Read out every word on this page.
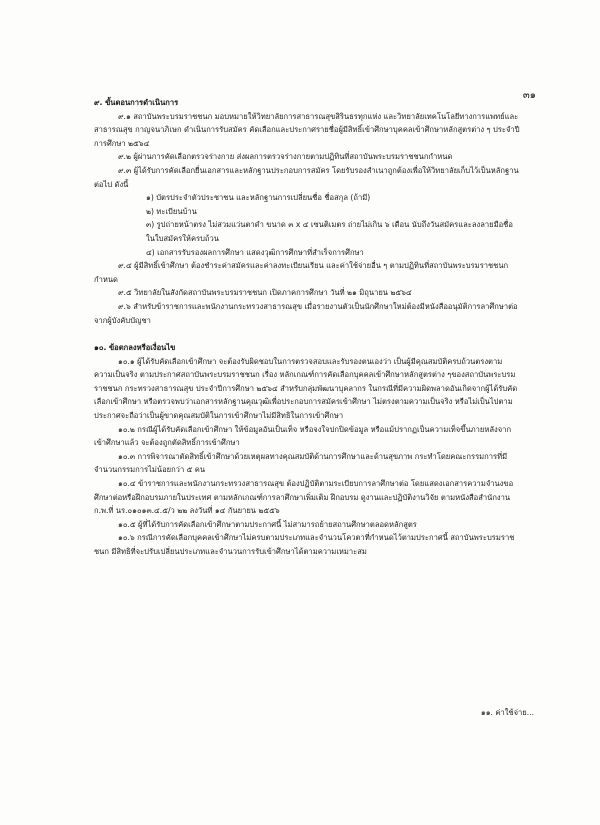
๓๑
๙. ขั้นตอนการดำเนินการ
๙.๑ สถาบันพระบรมราชชนก มอบหมายให้วิทยาลัยการสาธารณสุขสิรินธรทุกแห่ง และวิทยาลัยเทคโนโลยีทางการแพทย์และสาธารณสุข กาญจนาภิเษก ดำเนินการรับสมัคร คัดเลือกและประกาศรายชื่อผู้มีสิทธิ์เข้าศึกษาบุคคลเข้าศึกษาหลักสูตรต่าง ๆ ประจำปีการศึกษา ๒๕๖๔
๙.๒ ผู้ผ่านการคัดเลือกตรวจร่างกาย ส่งผลการตรวจร่างกายตามปฏิทินที่สถาบันพระบรมราชชนกกำหนด
๙.๓ ผู้ได้รับการคัดเลือกยื่นเอกสารและหลักฐานประกอบการสมัคร โดยรับรองสำเนาถูกต้องเพื่อให้วิทยาลัยเก็บไว้เป็นหลักฐานต่อไป ดังนี้
๑) บัตรประจำตัวประชาชน และหลักฐานการเปลี่ยนชื่อ ชื่อสกุล (ถ้ามี)
๒) ทะเบียนบ้าน
๓) รูปถ่ายหน้าตรง ไม่สวมแว่นตาดำ ขนาด ๓ x ๔ เซนติเมตร ถ่ายไม่เกิน ๖ เดือน นับถึงวันสมัครและลงลายมือชื่อในใบสมัครให้ครบถ้วน
๔) เอกสารรับรองผลการศึกษา แสดงวุฒิการศึกษาที่สำเร็จการศึกษา
๙.๔ ผู้มีสิทธิ์เข้าศึกษา ต้องชำระค่าสมัครและค่าลงทะเบียนเรียน และค่าใช้จ่ายอื่น ๆ ตามปฏิทินที่สถาบันพระบรมราชชนกกำหนด
๙.๕ วิทยาลัยในสังกัดสถาบันพระบรมราชชนก เปิดภาคการศึกษา วันที่ ๒๑ มิถุนายน ๒๕๖๔
๙.๖ สำหรับข้าราชการและพนักงานกระทรวงสาธารณสุข เมื่อรายงานตัวเป็นนักศึกษาใหม่ต้องมีหนังสืออนุมัติการลาศึกษาต่อจากผู้บังคับบัญชา
๑๐. ข้อตกลงหรือเงื่อนไข
๑๐.๑ ผู้ได้รับคัดเลือกเข้าศึกษา จะต้องรับผิดชอบในการตรวจสอบและรับรองตนเองว่า เป็นผู้มีคุณสมบัติครบถ้วนตรงตามความเป็นจริง ตามประกาศสถาบันพระบรมราชชนก เรื่อง หลักเกณฑ์การคัดเลือกบุคคลเข้าศึกษาหลักสูตรต่าง ๆของสถาบันพระบรมราชชนก กระทรวงสาธารณสุข ประจำปีการศึกษา ๒๕๖๔ สำหรับกลุ่มพัฒนาบุคลากร ในกรณีที่มีความผิดพลาดอันเกิดจากผู้ได้รับคัดเลือกเข้าศึกษา หรือตรวจพบว่าเอกสารหลักฐานคุณวุฒิเพื่อประกอบการสมัครเข้าศึกษา ไม่ตรงตามความเป็นจริง หรือไม่เป็นไปตามประกาศจะถือว่าเป็นผู้ขาดคุณสมบัติในการเข้าศึกษาไม่มีสิทธิในการเข้าศึกษา
๑๐.๒ กรณีผู้ได้รับคัดเลือกเข้าศึกษา ให้ข้อมูลอันเป็นเท็จ หรือจงใจปกปิดข้อมูล หรือแม้ปรากฏเป็นความเท็จขึ้นภายหลังจากเข้าศึกษาแล้ว จะต้องถูกตัดสิทธิ์การเข้าศึกษา
๑๐.๓ การพิจารณาตัดสิทธิ์เข้าศึกษาด้วยเหตุผลทางคุณสมบัติด้านการศึกษาและด้านสุขภาพ กระทำโดยคณะกรรมการที่มีจำนวนกรรมการไม่น้อยกว่า ๕ คน
๑๐.๔ ข้าราชการและพนักงานกระทรวงสาธารณสุข ต้องปฏิบัติตามระเบียบการลาศึกษาต่อ โดยแสดงเอกสารความจำนงขอศึกษาต่อหรือฝึกอบรมภายในประเทศ ตามหลักเกณฑ์การลาศึกษาเพิ่มเติม ฝึกอบรม ดูงานและปฏิบัติงานวิจัย ตามหนังสือสำนักงาน ก.พ.ที่ นร.๐๑๐๑๓.๔.๕/ว ๒๒ ลงวันที่ ๑๔ กันยายน ๒๕๕๖
๑๐.๕ ผู้ที่ได้รับการคัดเลือกเข้าศึกษาตามประกาศนี้ ไม่สามารถย้ายสถานศึกษาตลอดหลักสูตร
๑๐.๖ กรณีการคัดเลือกบุคคลเข้าศึกษาไม่ครบตามประเภทและจำนวนโควตาที่กำหนดไว้ตามประกาศนี้ สถาบันพระบรมราชชนก มีสิทธิที่จะปรับเปลี่ยนประเภทและจำนวนการรับเข้าศึกษาได้ตามความเหมาะสม
๑๑. ค่าใช้จ่าย...
